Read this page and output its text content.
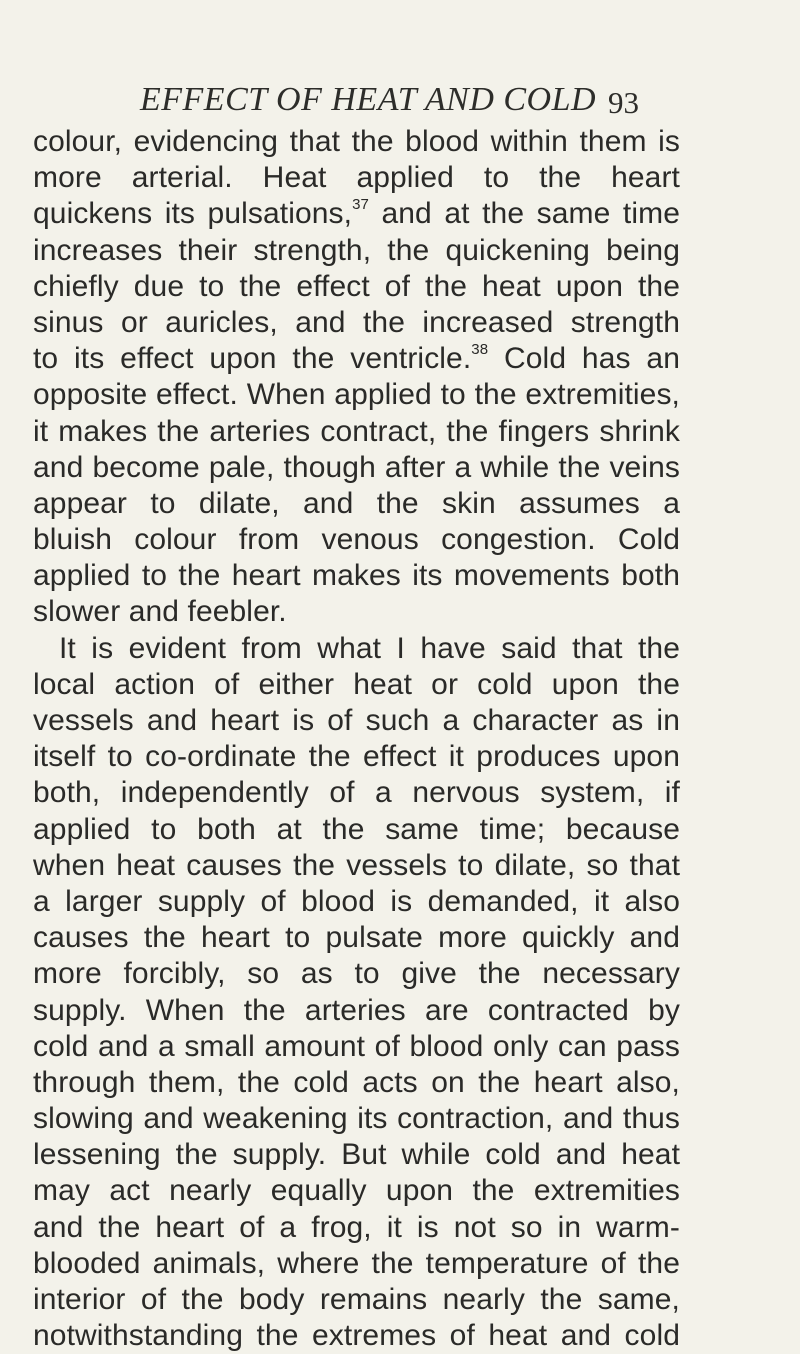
EFFECT OF HEAT AND COLD 93
colour, evidencing that the blood within them is
more arterial. Heat applied to the heart
quickens its pulsations,$^{37}$ and at the same time
increases their strength, the quickening being
chiefly due to the effect of the heat upon the
sinus or auricles, and the increased strength
to its effect upon the ventricle.$^{38}$ Cold has an
opposite effect. When applied to the extremities,
it makes the arteries contract, the fingers shrink
and become pale, though after a while the veins
appear to dilate, and the skin assumes a
bluish colour from venous congestion. Cold
applied to the heart makes its movements both
slower and feebler.
It is evident from what I have said that the
local action of either heat or cold upon the
vessels and heart is of such a character as in
itself to co-ordinate the effect it produces upon
both, independently of a nervous system, if
applied to both at the same time; because
when heat causes the vessels to dilate, so that
a larger supply of blood is demanded, it also
causes the heart to pulsate more quickly and
more forcibly, so as to give the necessary
supply. When the arteries are contracted by
cold and a small amount of blood only can pass
through them, the cold acts on the heart also,
slowing and weakening its contraction, and thus
lessening the supply. But while cold and heat
may act nearly equally upon the extremities
and the heart of a frog, it is not so in warm-
blooded animals, where the temperature of the
interior of the body remains nearly the same,
notwithstanding the extremes of heat and cold
